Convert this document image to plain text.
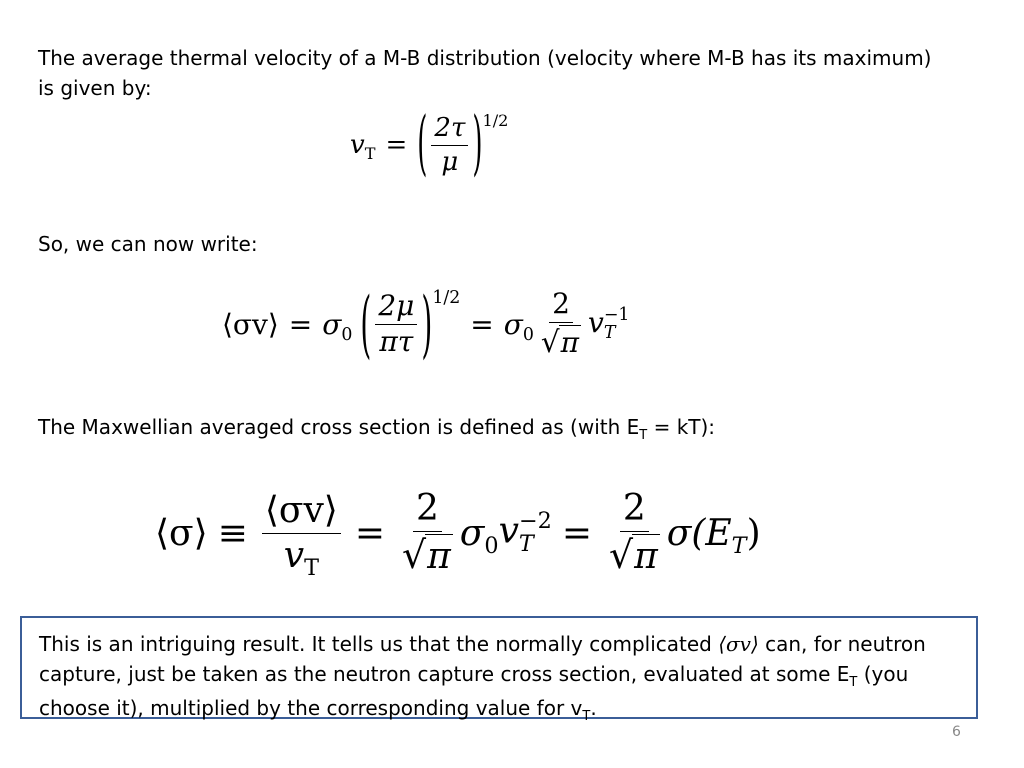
The average thermal velocity of a M-B distribution (velocity where M-B has its maximum)
is given by:
$v_T$ = ( $\frac{2\tau}{\mu}$ ) 1/2
So, we can now write:
⟨σv⟩ = $\sigma_0$ ( $\frac{2\mu}{\pi\tau}$ ) 1/2
= $\sigma_0 \frac{2}{√ \pi}$ v −1
T
The Maxwellian averaged cross section is defined as (with $E_T = kT$):
⟨σ⟩ ≡ $\frac{⟨\sigma v⟩}{v_T} = \frac{2}{√ \pi} \sigma_0$ v −2
$T = \frac{2}{√ \pi} \sigma(E_T)$
This is an intriguing result. It tells us that the normally complicated ⟨σv⟩ can, for neutron capture, just be taken as the neutron capture cross section, evaluated at some $E_T$ (you choose it), multiplied by the corresponding value for $v_T$.
6
